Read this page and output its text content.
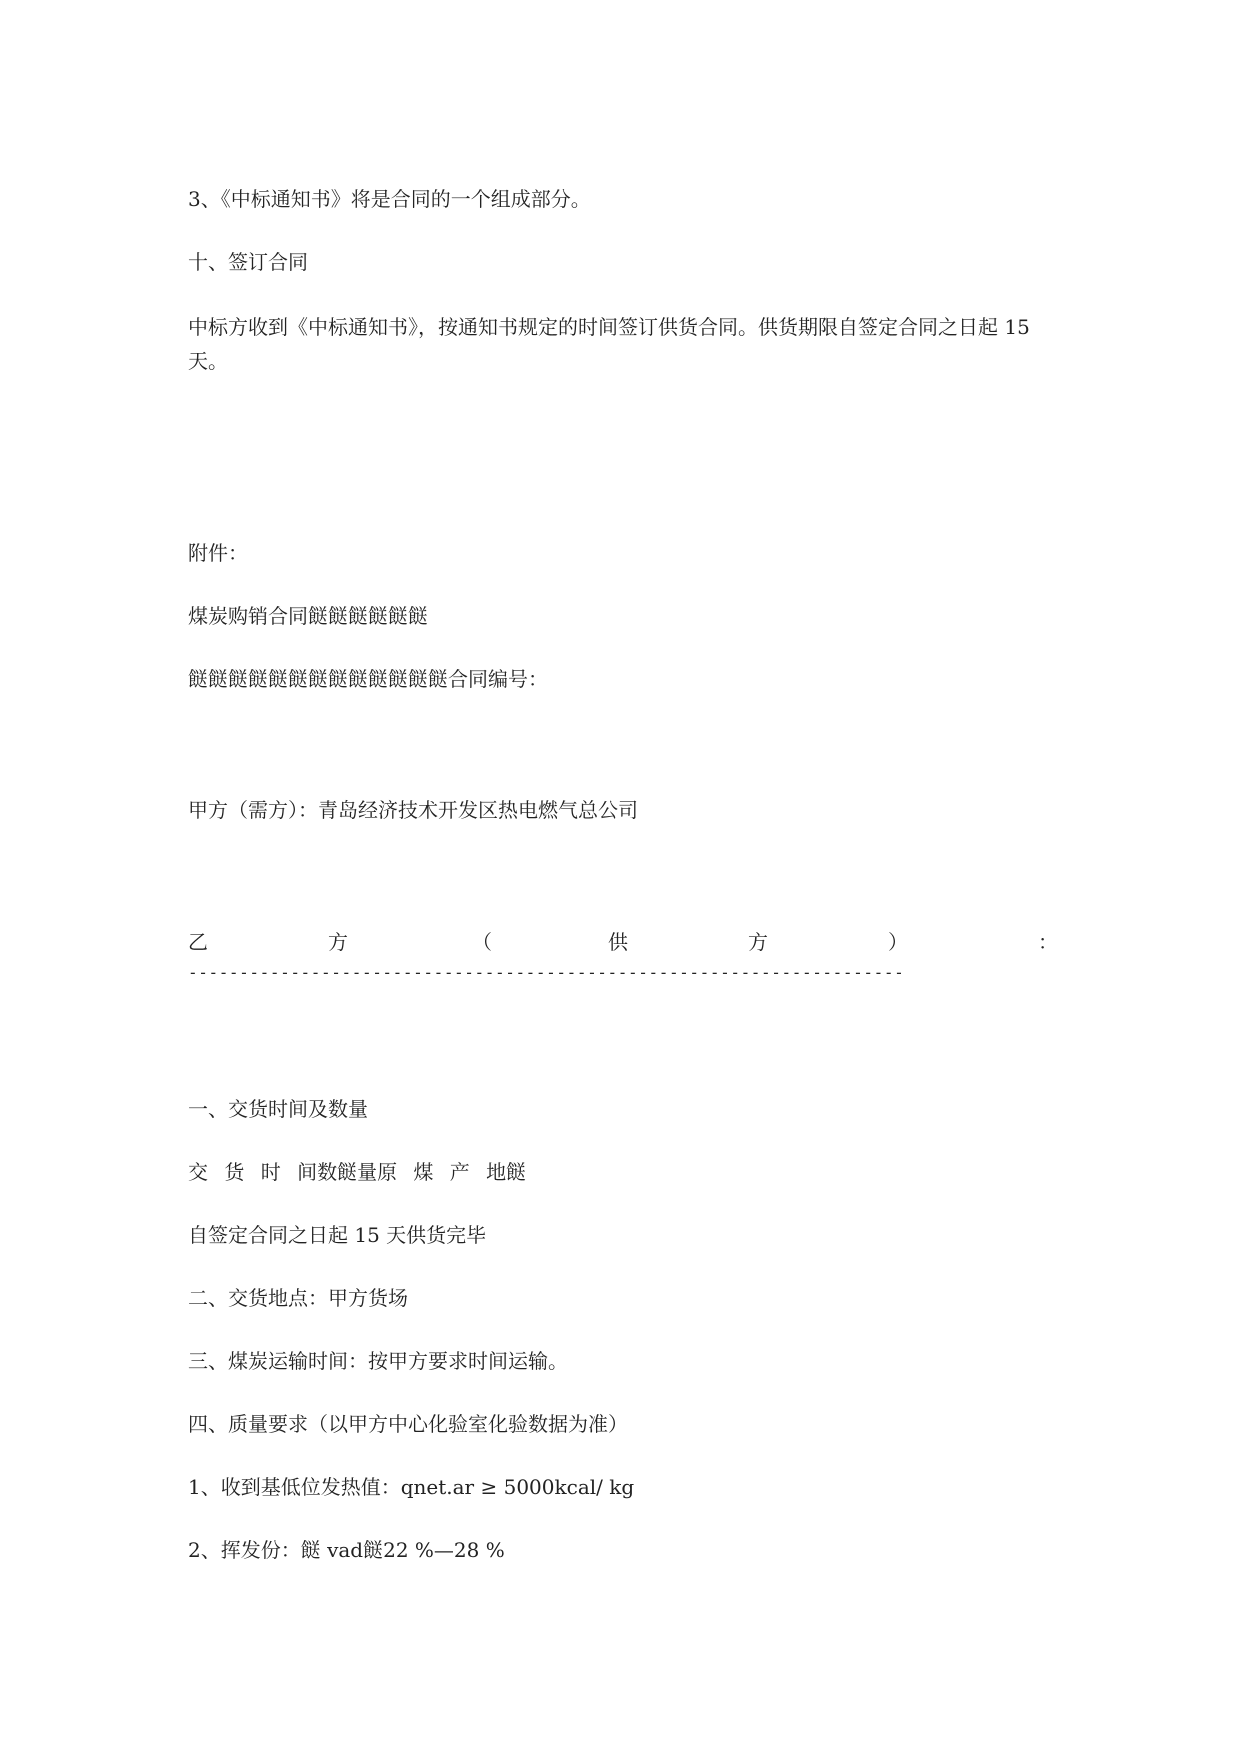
3、《中标通知书》将是合同的一个组成部分。

十、签订合同

中标方收到《中标通知书》，按通知书规定的时间签订供货合同。供货期限自签定合同之日起 15 天。

附件：

煤炭购销合同餸餸餸餸餸餸

餸餸餸餸餸餸餸餸餸餸餸餸餸合同编号：

甲方（需方）：青岛经济技术开发区热电燃气总公司

乙	方	（	供	方	）	：
----------------------------------------------------------------------

一、交货时间及数量

交 货 时 间数餸量原 煤 产 地餸

自签定合同之日起 15 天供货完毕

二、交货地点：甲方货场

三、煤炭运输时间：按甲方要求时间运输。

四、质量要求（以甲方中心化验室化验数据为准）

1、收到基低位发热值：qnet.ar ≥ 5000kcal/ kg

2、挥发份：餸 vad餸22 %—28 %
